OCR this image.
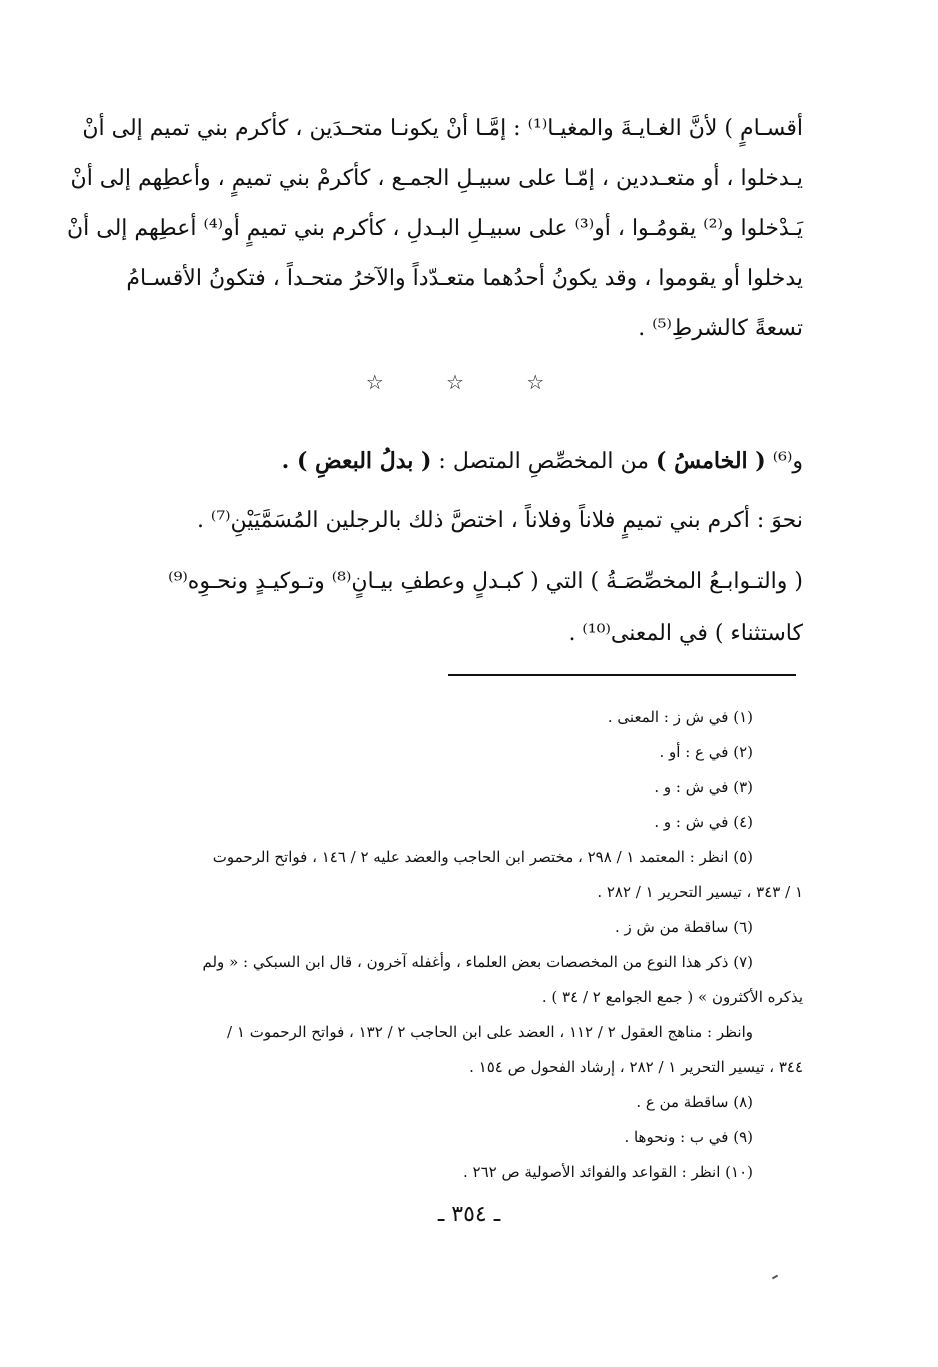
أقسـامٍ ) لأنَّ الغـايـةَ والمغيـا⁽¹⁾ : إمَّـا أنْ يكونـا متحـدَين ، كأكرم بني تميم إلى أنْ
يـدخلوا ، أو متعـددين ، إمّـا على سبيـلِ الجمـع ، كأكرمْ بني تميمٍ ، وأعطِهم إلى أنْ
يَـدْخلوا و⁽²⁾ يقومُـوا ، أو⁽³⁾ على سبيـلِ البـدلِ ، كأكرم بني تميمٍ أو⁽⁴⁾ أعطِهم إلى أنْ
يدخلوا أو يقوموا ، وقد يكونُ أحدُهما متعـدّداً والآخرُ متحـداً ، فتكونُ الأقسـامُ
تسعةً كالشرطِ⁽⁵⁾ .
☆ ☆ ☆
و⁽⁶⁾ ( الخامسُ ) من المخصِّصِ المتصل : ( بدلُ البعضِ ) .
نحوَ : أكرم بني تميمٍ فلاناً وفلاناً ، اختصَّ ذلك بالرجلين المُسَمَّيَيْنِ⁽⁷⁾ .
( والتـوابـعُ المخصِّصَـةُ ) التي ( كبـدلٍ وعطفِ بيـانٍ⁽⁸⁾ وتـوكيـدٍ ونحـوِه⁽⁹⁾
كاستثناء ) في المعنى⁽¹⁰⁾ .
(١) في ش ز : المعنى .
(٢) في ع : أو .
(٣) في ش : و .
(٤) في ش : و .
(٥) انظر : المعتمد ١ / ٢٩٨ ، مختصر ابن الحاجب والعضد عليه ٢ / ١٤٦ ، فواتح الرحموت
١ / ٣٤٣ ، تيسير التحرير ١ / ٢٨٢ .
(٦) ساقطة من ش ز .
(٧) ذكر هذا النوع من المخصصات بعض العلماء ، وأغفله آخرون ، قال ابن السبكي : « ولم
يذكره الأكثرون » ( جمع الجوامع ٢ / ٣٤ ) .
وانظر : مناهج العقول ٢ / ١١٢ ، العضد على ابن الحاجب ٢ / ١٣٢ ، فواتح الرحموت ١ /
٣٤٤ ، تيسير التحرير ١ / ٢٨٢ ، إرشاد الفحول ص ١٥٤ .
(٨) ساقطة من ع .
(٩) في ب : ونحوها .
(١٠) انظر : القواعد والفوائد الأصولية ص ٢٦٢ .
ـ ٣٥٤ ـ
